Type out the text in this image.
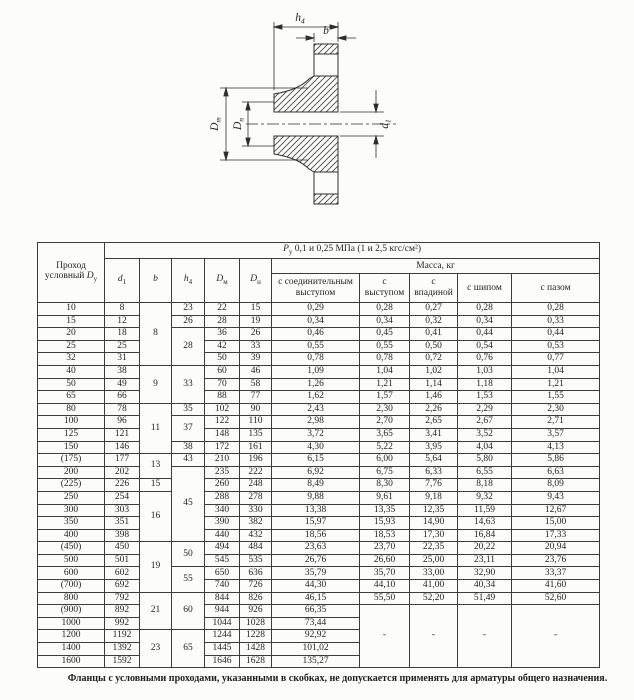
$h_4$
b
$D_m$
$D_n$
$d_1$
Проход условный $D_у$	$P_у$ 0,1 и 0,25 МПа (1 и 2,5 кгс/см²)									
	$d_1$	b	$h_4$	$D_м$	$D_н$	Масса, кг				
						с соединительным выступом	с выступом	с впадиной	с шипом	с пазом
10	8	8	23	22	15	0,29	0,28	0,27	0,28	0,28
15	12		26	28	19	0,34	0,34	0,32	0,34	0,33
20	18		28	36	26	0,46	0,45	0,41	0,44	0,44
25	25			42	33	0,55	0,55	0,50	0,54	0,53
32	31			50	39	0,78	0,78	0,72	0,76	0,77
40	38	9	33	60	46	1,09	1,04	1,02	1,03	1,04
50	49			70	58	1,26	1,21	1,14	1,18	1,21
65	66			88	77	1,62	1,57	1,46	1,53	1,55
80	78	11	35	102	90	2,43	2,30	2,26	2,29	2,30
100	96		37	122	110	2,98	2,70	2,65	2,67	2,71
125	121			148	135	3,72	3,65	3,41	3,52	3,57
150	146		38	172	161	4,30	5,22	3,95	4,04	4,13
(175)	177	13	43	210	196	6,15	6,00	5,64	5,80	5,86
200	202		45	235	222	6,92	6,75	6,33	6,55	6,63
(225)	226	15		260	248	8,49	8,30	7,76	8,18	8,09
250	254	16		288	278	9,88	9,61	9,18	9,32	9,43
300	303			340	330	13,38	13,35	12,35	11,59	12,67
350	351			390	382	15,97	15,93	14,90	14,63	15,00
400	398			440	432	18,56	18,53	17,30	16,84	17,33
(450)	450	19	50	494	484	23,63	23,70	22,35	20,22	20,94
500	501			545	535	26,76	26,60	25,00	23,11	23,76
600	602		55	650	636	35,79	35,70	33,00	32,90	33,37
(700)	692			740	726	44,30	44,10	41,00	40,34	41,60
800	792	21	60	844	826	46,15	55,50	52,20	51,49	52,60
(900)	892			944	926	66,35	-	-	-	-
1000	992			1044	1028	73,44				
1200	1192	23	65	1244	1228	92,92				
1400	1392			1445	1428	101,02				
1600	1592			1646	1628	135,27				
Фланцы с условными проходами, указанными в скобках, не допускается применять для арматуры общего назначения.
